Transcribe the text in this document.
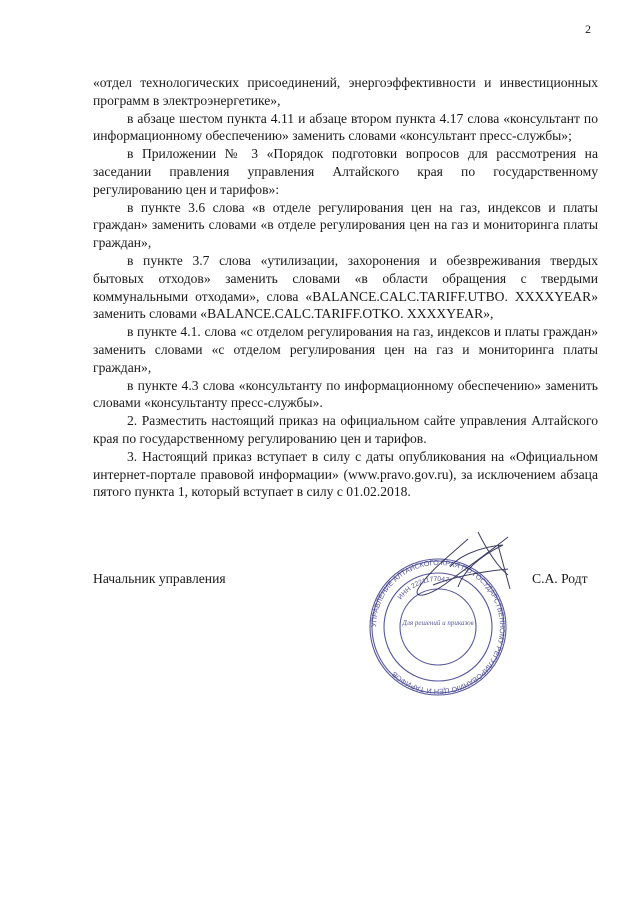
2

«отдел технологических присоединений, энергоэффективности и инвестиционных программ в электроэнергетике»,

в абзаце шестом пункта 4.11 и абзаце втором пункта 4.17 слова «консультант по информационному обеспечению» заменить словами «консультант пресс-службы»;

в Приложении № 3 «Порядок подготовки вопросов для рассмотрения на заседании правления управления Алтайского края по государственному регулированию цен и тарифов»:

в пункте 3.6 слова «в отделе регулирования цен на газ, индексов и платы граждан» заменить словами «в отделе регулирования цен на газ и мониторинга платы граждан»,

в пункте 3.7 слова «утилизации, захоронения и обезвреживания твердых бытовых отходов» заменить словами «в области обращения с твердыми коммунальными отходами», слова «BALANCE.CALC.TARIFF.UTBO. XXXXYEAR» заменить словами «BALANCE.CALC.TARIFF.OTKO. XXXXYEAR»,

в пункте 4.1. слова «с отделом регулирования на газ, индексов и платы граждан» заменить словами «с отделом регулирования цен на газ и мониторинга платы граждан»,

в пункте 4.3 слова «консультанту по информационному обеспечению» заменить словами «консультанту пресс-службы».

2. Разместить настоящий приказ на официальном сайте управления Алтайского края по государственному регулированию цен и тарифов.

3. Настоящий приказ вступает в силу с даты опубликования на «Официальном интернет-портале правовой информации» (www.pravo.gov.ru), за исключением абзаца пятого пункта 1, который вступает в силу с 01.02.2018.

Начальник управления	С.А. Родт
УПРАВЛЕНИЕ АЛТАЙСКОГО КРАЯ ПО ГОСУДАРСТВЕННОМУ РЕГУЛИРОВАНИЮ ЦЕН И ТАРИФОВ
ИНН 2221177047
Для решений и приказов
